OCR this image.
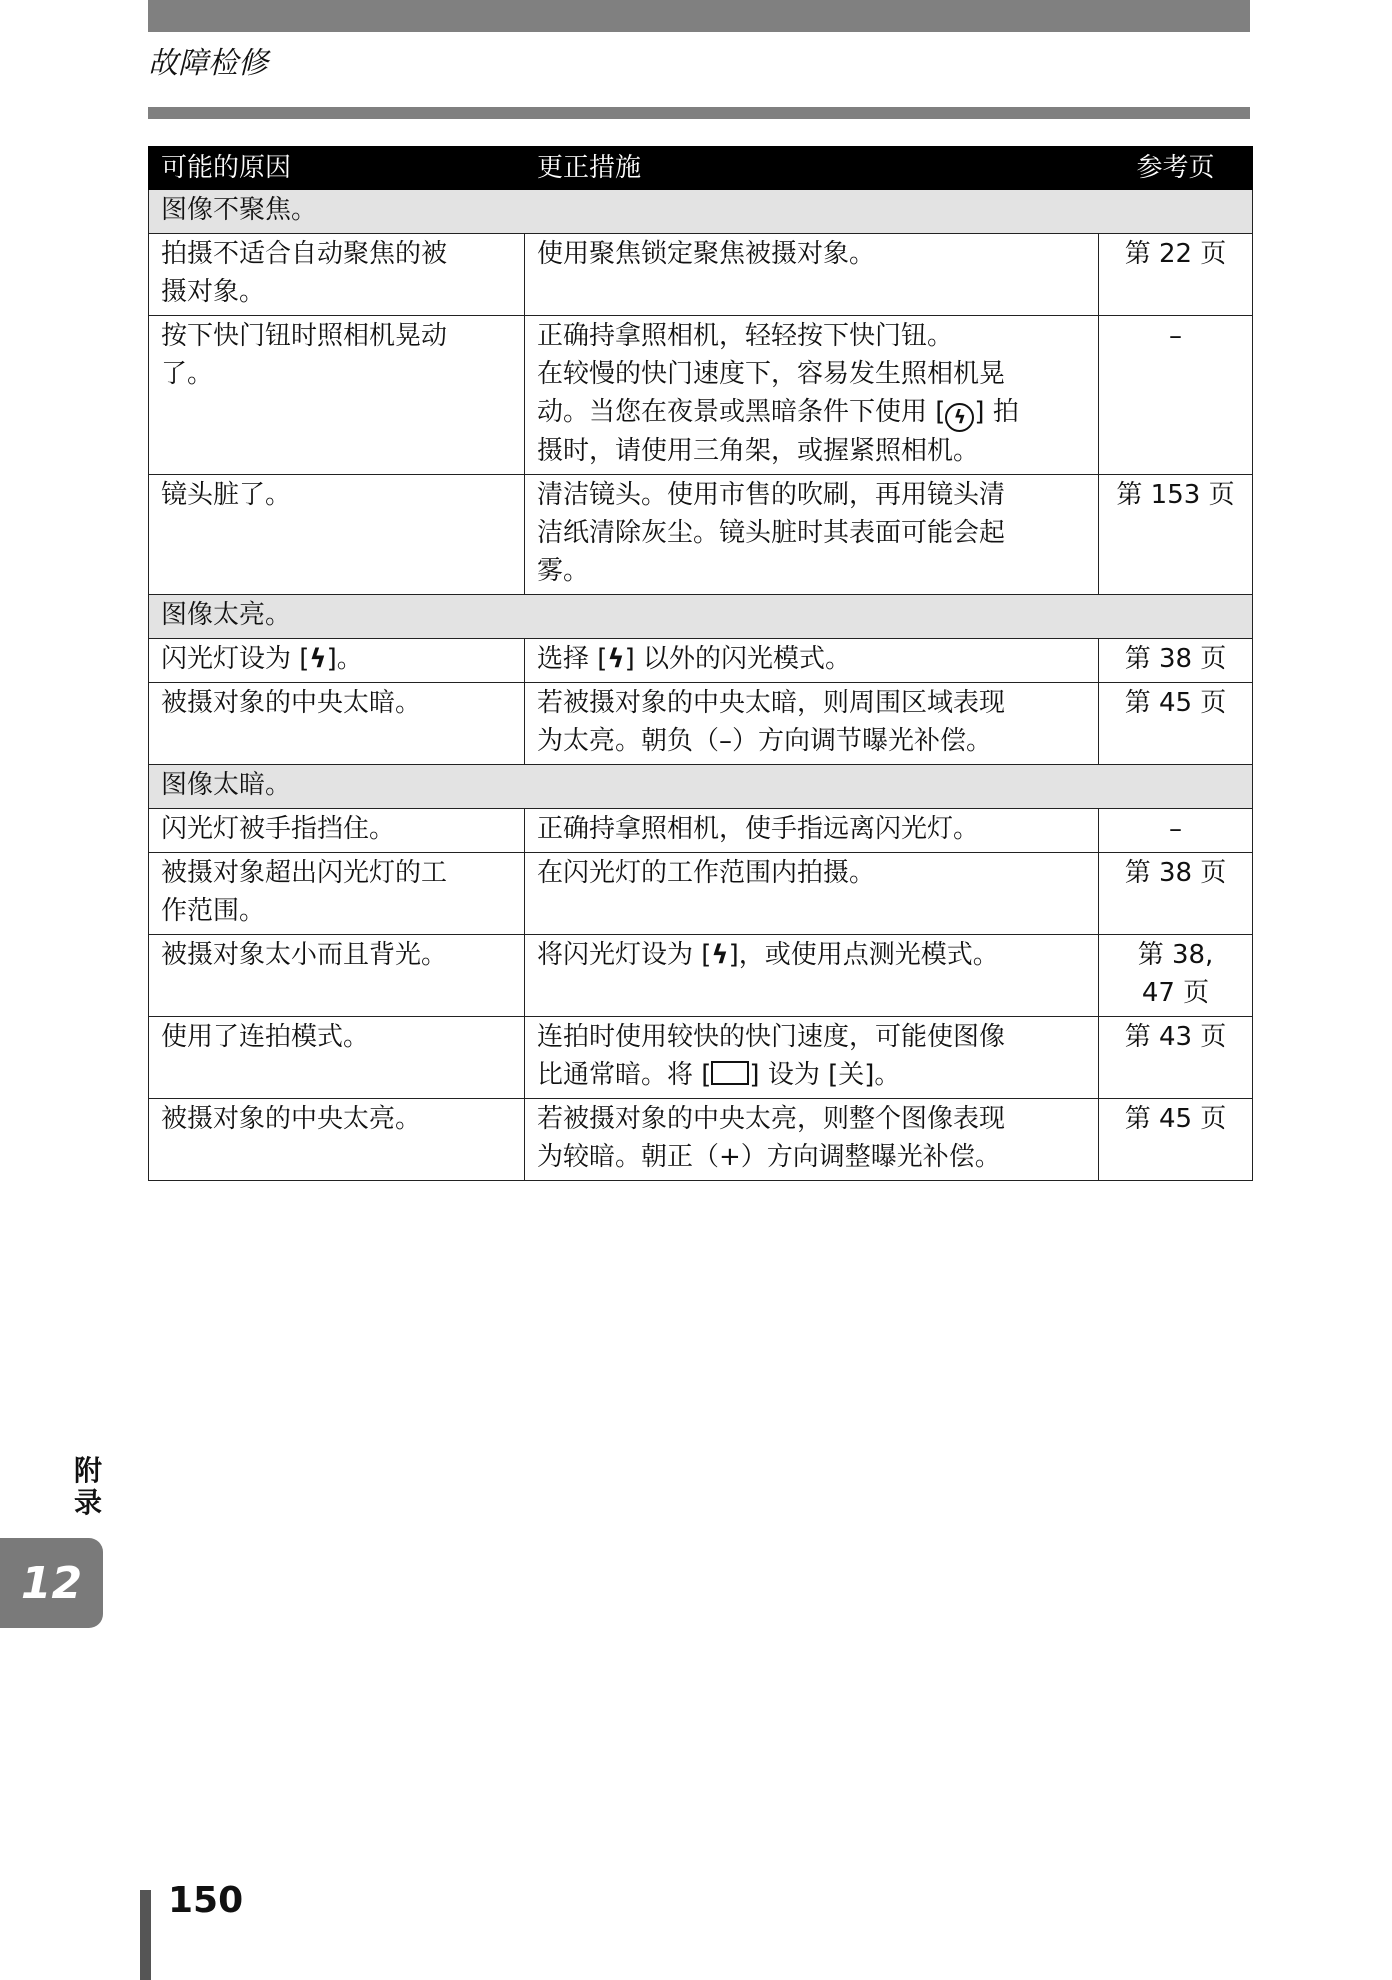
故障检修
可能的原因	更正措施	参考页
图像不聚焦。		

拍摄不适合自动聚焦的被
摄对象。	使用聚焦锁定聚焦被摄对象。	第 22 页

按下快门钮时照相机晃动
了。	正确持拿照相机，轻轻按下快门钮。
在较慢的快门速度下，容易发生照相机晃
动。当您在夜景或黑暗条件下使用 [ ϟ ] 拍
摄时，请使用三角架，或握紧照相机。	–

镜头脏了。	清洁镜头。使用市售的吹刷，再用镜头清
洁纸清除灰尘。镜头脏时其表面可能会起
雾。	第 153 页

图像太亮。		

闪光灯设为 [ϟ]。	选择 [ϟ] 以外的闪光模式。	第 38 页

被摄对象的中央太暗。	若被摄对象的中央太暗，则周围区域表现
为太亮。朝负（–）方向调节曝光补偿。	第 45 页

图像太暗。		

闪光灯被手指挡住。	正确持拿照相机，使手指远离闪光灯。	–

被摄对象超出闪光灯的工
作范围。	在闪光灯的工作范围内拍摄。	第 38 页

被摄对象太小而且背光。	将闪光灯设为 [ϟ]，或使用点测光模式。	第 38,
47 页

使用了连拍模式。	连拍时使用较快的快门速度，可能使图像
比通常暗。将 [ ] 设为 [关]。	第 43 页

被摄对象的中央太亮。	若被摄对象的中央太亮，则整个图像表现
为较暗。朝正（+）方向调整曝光补偿。	第 45 页
附录
12
150
